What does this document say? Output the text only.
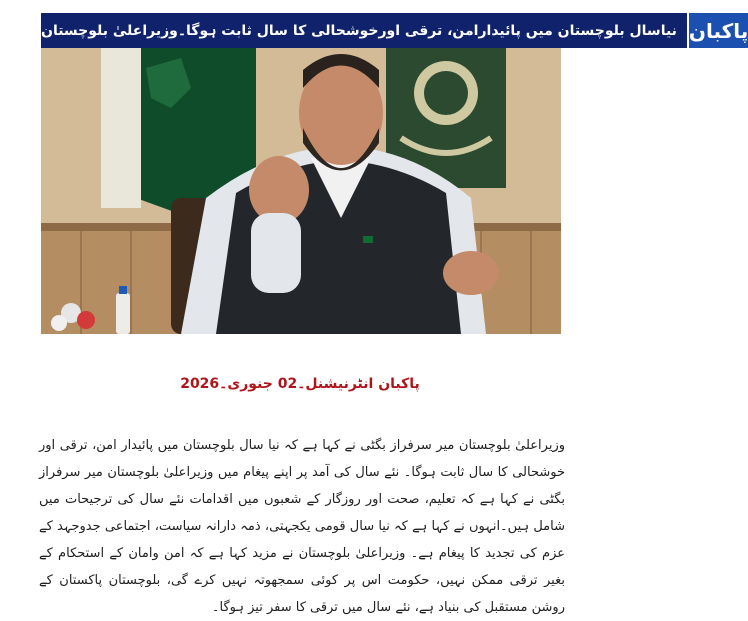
نیاسال بلوچستان میں پائیدارامن، ترقی اورخوشحالی کا سال ثابت ہوگا۔وزیراعلیٰ بلوچستان پاکبان
پاکبان انٹرنیشنل۔02 جنوری۔2026
وزیراعلیٰ بلوچستان میر سرفراز بگٹی نے کہا ہے کہ نیا سال بلوچستان میں پائیدار امن، ترقی اور خوشحالی کا سال ثابت ہوگا۔ نئے سال کی آمد پر اپنے پیغام میں وزیراعلیٰ بلوچستان میر سرفراز بگٹی نے کہا ہے کہ تعلیم، صحت اور روزگار کے شعبوں میں اقدامات نئے سال کی ترجیحات میں شامل ہیں۔انہوں نے کہا ہے کہ نیا سال قومی یکجہتی، ذمہ دارانہ سیاست، اجتماعی جدوجہد کے عزم کی تجدید کا پیغام ہے۔ وزیراعلیٰ بلوچستان نے مزید کہا ہے کہ امن وامان کے استحکام کے بغیر ترقی ممکن نہیں، حکومت اس پر کوئی سمجھوتہ نہیں کرے گی، بلوچستان پاکستان کے روشن مستقبل کی بنیاد ہے، نئے سال میں ترقی کا سفر تیز ہوگا۔
